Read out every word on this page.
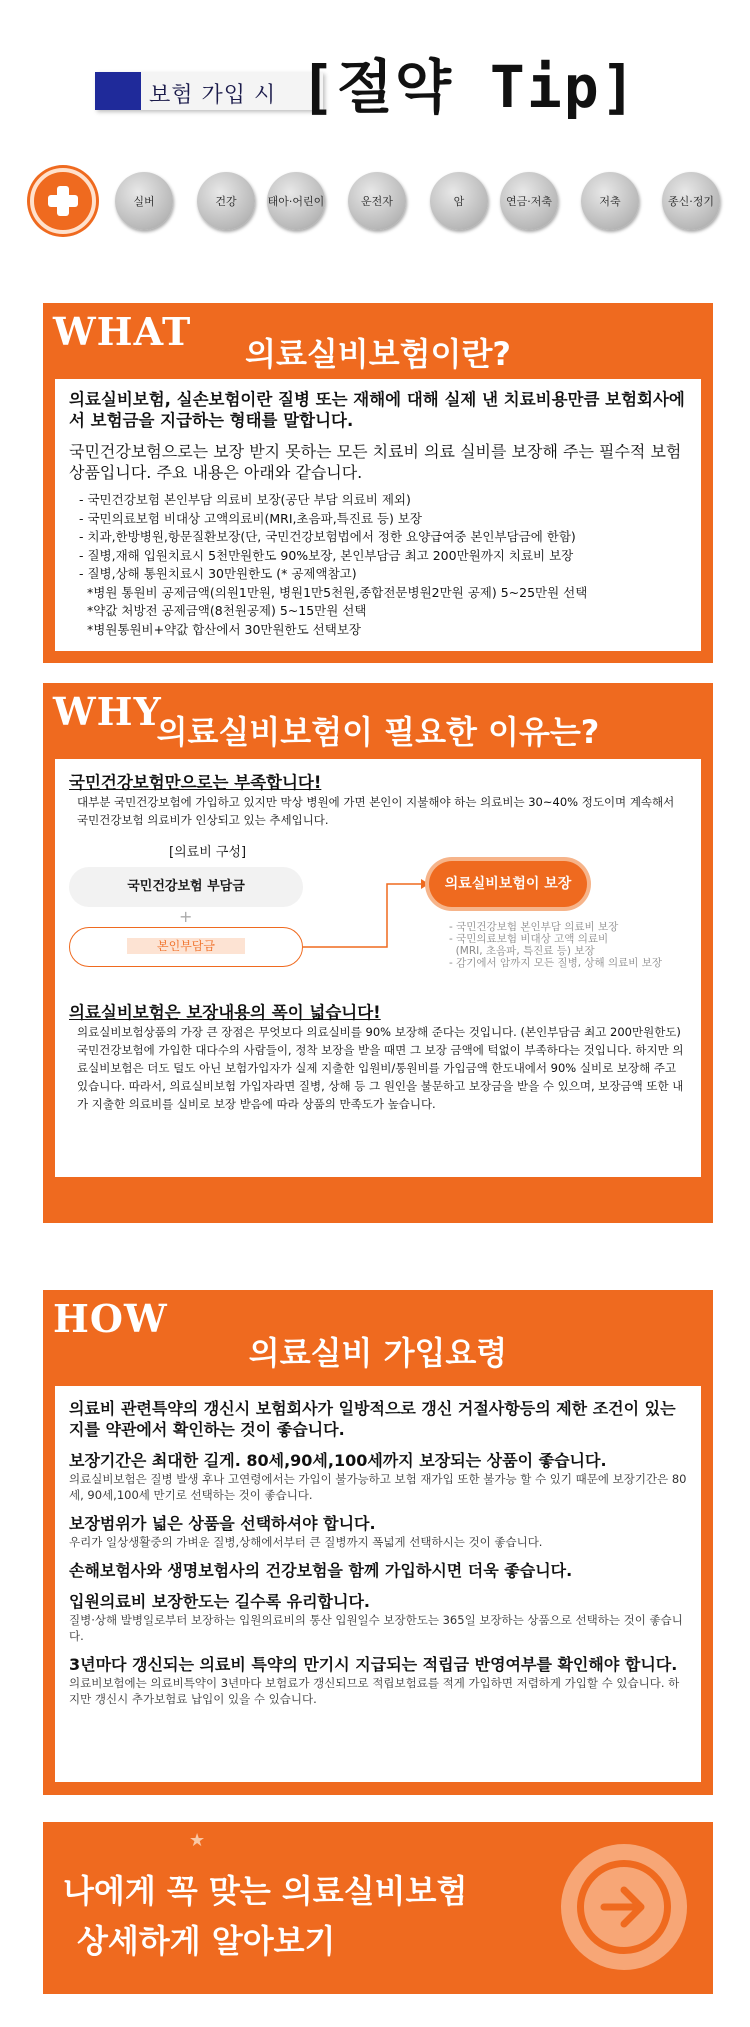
보험 가입 시 [절약 Tip]
실버	건강	태아·어린이	운전자	암	연금·저축	저축	종신·정기
WHAT	의료실비보험이란?
의료실비보험, 실손보험이란 질병 또는 재해에 대해 실제 낸 치료비용만큼 보험회사에서 보험금을 지급하는 형태를 말합니다.
국민건강보험으로는 보장 받지 못하는 모든 치료비 의료 실비를 보장해 주는 필수적 보험상품입니다. 주요 내용은 아래와 같습니다.
- 국민건강보험 본인부담 의료비 보장(공단 부담 의료비 제외)
- 국민의료보험 비대상 고액의료비(MRI,초음파,특진료 등) 보장
- 치과,한방병원,항문질환보장(단, 국민건강보험법에서 정한 요양급여중 본인부담금에 한함)
- 질병,재해 입원치료시 5천만원한도 90%보장, 본인부담금 최고 200만원까지 치료비 보장
- 질병,상해 통원치료시 30만원한도 (* 공제액참고)
*병원 통원비 공제금액(의원1만원, 병원1만5천원,종합전문병원2만원 공제) 5~25만원 선택
*약값 처방전 공제금액(8천원공제) 5~15만원 선택
*병원통원비+약값 합산에서 30만원한도 선택보장
WHY
의료실비보험이 필요한 이유는?
국민건강보험만으로는 부족합니다!
대부분 국민건강보험에 가입하고 있지만 막상 병원에 가면 본인이 지불해야 하는 의료비는 30~40% 정도이며 계속해서 국민건강보험 의료비가 인상되고 있는 추세입니다.
[의료비 구성]
국민건강보험 부담금
+
본인부담금
의료실비보험이 보장
- 국민건강보험 본인부담 의료비 보장
- 국민의료보험 비대상 고액 의료비
(MRI, 초음파, 특진료 등) 보장
- 감기에서 암까지 모든 질병, 상해 의료비 보장
의료실비보험은 보장내용의 폭이 넓습니다!
의료실비보험상품의 가장 큰 장점은 무엇보다 의료실비를 90% 보장해 준다는 것입니다. (본인부담금 최고 200만원한도) 국민건강보험에 가입한 대다수의 사람들이, 정착 보장을 받을 때면 그 보장 금액에 턱없이 부족하다는 것입니다. 하지만 의료실비보험은 더도 덜도 아닌 보험가입자가 실제 지출한 입원비/통원비를 가입금액 한도내에서 90% 실비로 보장해 주고 있습니다. 따라서, 의료실비보험 가입자라면 질병, 상해 등 그 원인을 불문하고 보장금을 받을 수 있으며, 보장금액 또한 내가 지출한 의료비를 실비로 보장 받음에 따라 상품의 만족도가 높습니다.
HOW
의료실비 가입요령
의료비 관련특약의 갱신시 보험회사가 일방적으로 갱신 거절사항등의 제한 조건이 있는지를 약관에서 확인하는 것이 좋습니다.
보장기간은 최대한 길게. 80세,90세,100세까지 보장되는 상품이 좋습니다.
의료실비보험은 질병 발생 후나 고연령에서는 가입이 불가능하고 보험 재가입 또한 불가능 할 수 있기 때문에 보장기간은 80세, 90세,100세 만기로 선택하는 것이 좋습니다.
보장범위가 넓은 상품을 선택하셔야 합니다.
우리가 일상생활중의 가벼운 질병,상해에서부터 큰 질병까지 폭넓게 선택하시는 것이 좋습니다.
손해보험사와 생명보험사의 건강보험을 함께 가입하시면 더욱 좋습니다.
입원의료비 보장한도는 길수록 유리합니다.
질병·상해 발병일로부터 보장하는 입원의료비의 통산 입원일수 보장한도는 365일 보장하는 상품으로 선택하는 것이 좋습니다.
3년마다 갱신되는 의료비 특약의 만기시 지급되는 적립금 반영여부를 확인해야 합니다.
의료비보험에는 의료비특약이 3년마다 보험료가 갱신되므로 적립보험료를 적게 가입하면 저렴하게 가입할 수 있습니다. 하지만 갱신시 추가보험료 납입이 있을 수 있습니다.
★
나에게 꼭 맞는 의료실비보험
상세하게 알아보기
